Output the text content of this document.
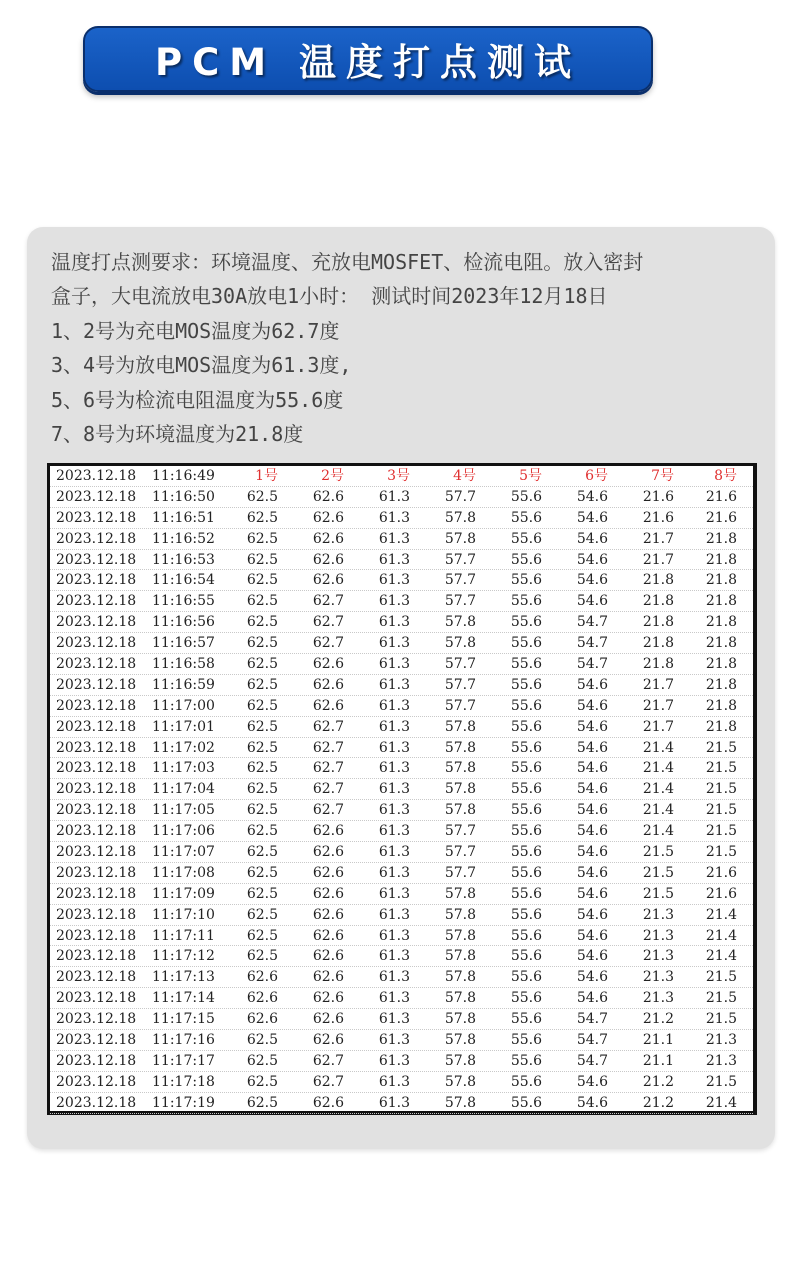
PCM 温度打点测试
温度打点测要求：环境温度、充放电MOSFET、检流电阻。放入密封
盒子，大电流放电30A放电1小时： 测试时间2023年12月18日
1、2号为充电MOS温度为62.7度
3、4号为放电MOS温度为61.3度,
5、6号为检流电阻温度为55.6度
7、8号为环境温度为21.8度
2023.12.18	11:16:49	1号	2号	3号	4号	5号	6号	7号	8号
2023.12.18	11:16:50	62.5	62.6	61.3	57.7	55.6	54.6	21.6	21.6
2023.12.18	11:16:51	62.5	62.6	61.3	57.8	55.6	54.6	21.6	21.6
2023.12.18	11:16:52	62.5	62.6	61.3	57.8	55.6	54.6	21.7	21.8
2023.12.18	11:16:53	62.5	62.6	61.3	57.7	55.6	54.6	21.7	21.8
2023.12.18	11:16:54	62.5	62.6	61.3	57.7	55.6	54.6	21.8	21.8
2023.12.18	11:16:55	62.5	62.7	61.3	57.7	55.6	54.6	21.8	21.8
2023.12.18	11:16:56	62.5	62.7	61.3	57.8	55.6	54.7	21.8	21.8
2023.12.18	11:16:57	62.5	62.7	61.3	57.8	55.6	54.7	21.8	21.8
2023.12.18	11:16:58	62.5	62.6	61.3	57.7	55.6	54.7	21.8	21.8
2023.12.18	11:16:59	62.5	62.6	61.3	57.7	55.6	54.6	21.7	21.8
2023.12.18	11:17:00	62.5	62.6	61.3	57.7	55.6	54.6	21.7	21.8
2023.12.18	11:17:01	62.5	62.7	61.3	57.8	55.6	54.6	21.7	21.8
2023.12.18	11:17:02	62.5	62.7	61.3	57.8	55.6	54.6	21.4	21.5
2023.12.18	11:17:03	62.5	62.7	61.3	57.8	55.6	54.6	21.4	21.5
2023.12.18	11:17:04	62.5	62.7	61.3	57.8	55.6	54.6	21.4	21.5
2023.12.18	11:17:05	62.5	62.7	61.3	57.8	55.6	54.6	21.4	21.5
2023.12.18	11:17:06	62.5	62.6	61.3	57.7	55.6	54.6	21.4	21.5
2023.12.18	11:17:07	62.5	62.6	61.3	57.7	55.6	54.6	21.5	21.5
2023.12.18	11:17:08	62.5	62.6	61.3	57.7	55.6	54.6	21.5	21.6
2023.12.18	11:17:09	62.5	62.6	61.3	57.8	55.6	54.6	21.5	21.6
2023.12.18	11:17:10	62.5	62.6	61.3	57.8	55.6	54.6	21.3	21.4
2023.12.18	11:17:11	62.5	62.6	61.3	57.8	55.6	54.6	21.3	21.4
2023.12.18	11:17:12	62.5	62.6	61.3	57.8	55.6	54.6	21.3	21.4
2023.12.18	11:17:13	62.6	62.6	61.3	57.8	55.6	54.6	21.3	21.5
2023.12.18	11:17:14	62.6	62.6	61.3	57.8	55.6	54.6	21.3	21.5
2023.12.18	11:17:15	62.6	62.6	61.3	57.8	55.6	54.7	21.2	21.5
2023.12.18	11:17:16	62.5	62.6	61.3	57.8	55.6	54.7	21.1	21.3
2023.12.18	11:17:17	62.5	62.7	61.3	57.8	55.6	54.7	21.1	21.3
2023.12.18	11:17:18	62.5	62.7	61.3	57.8	55.6	54.6	21.2	21.5
2023.12.18	11:17:19	62.5	62.6	61.3	57.8	55.6	54.6	21.2	21.4
